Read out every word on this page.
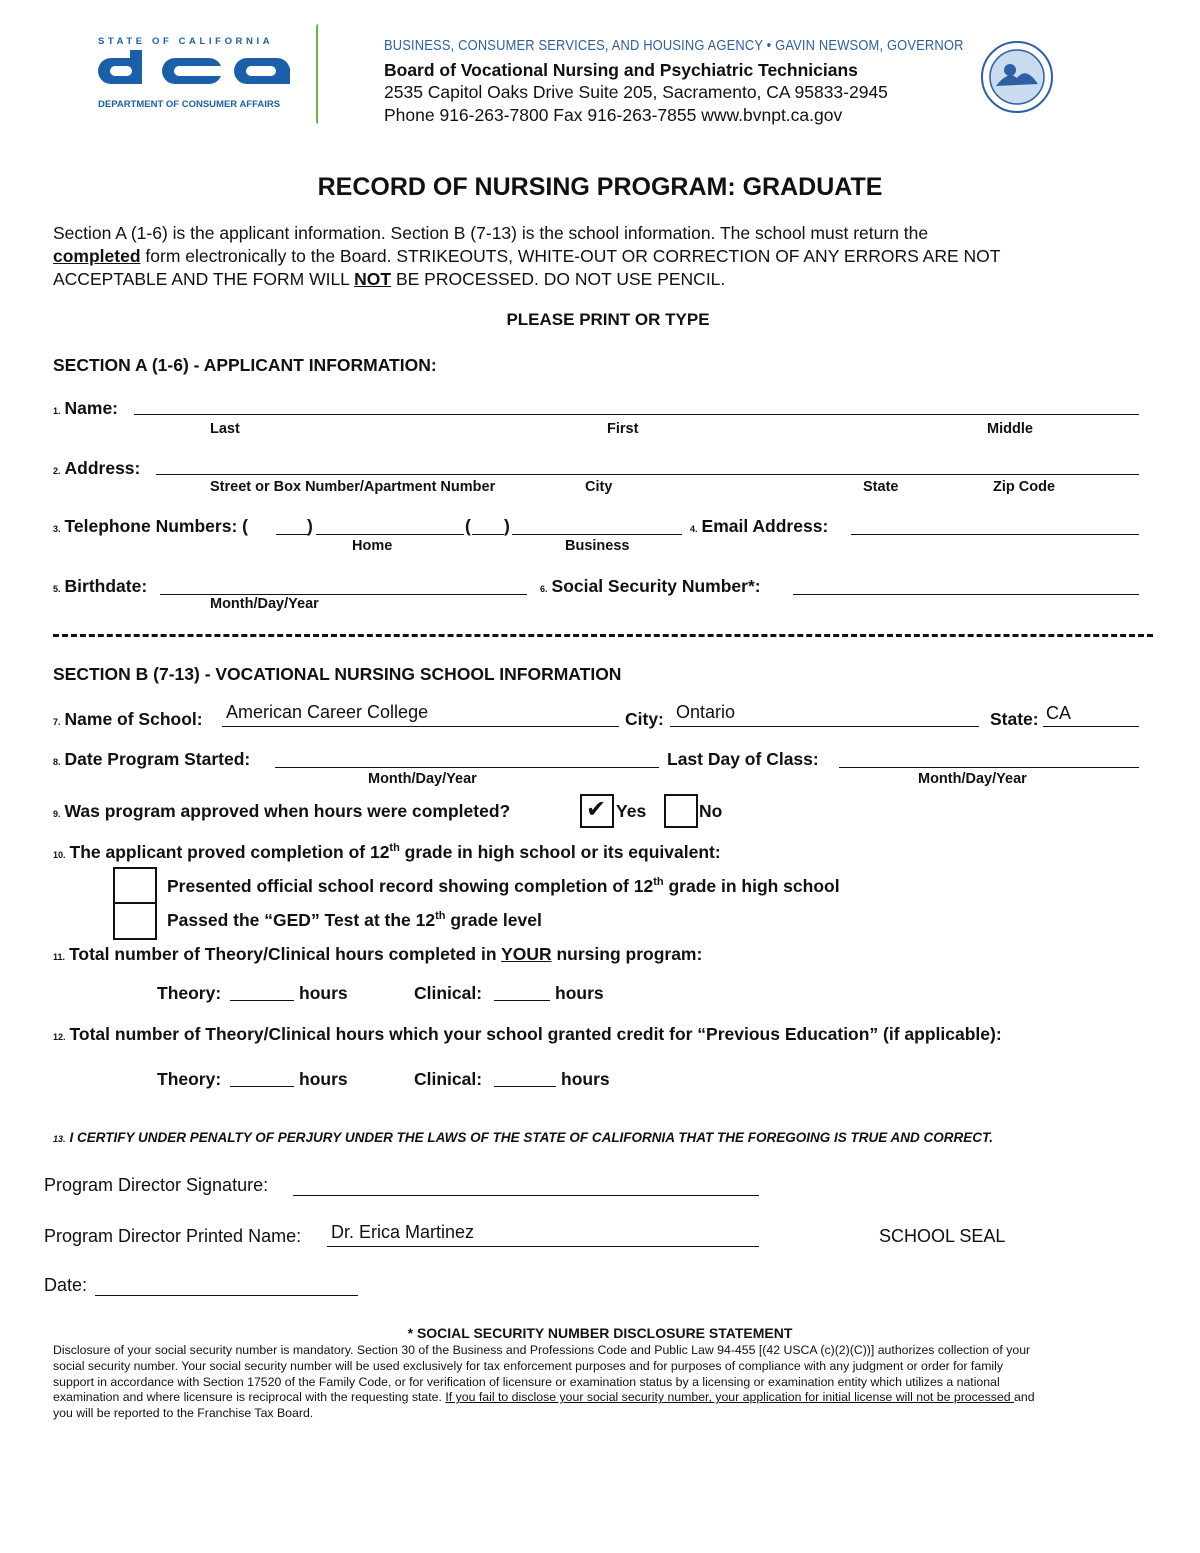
STATE OF CALIFORNIA
DEPARTMENT OF CONSUMER AFFAIRS
BUSINESS, CONSUMER SERVICES, AND HOUSING AGENCY • GAVIN NEWSOM, GOVERNOR
Board of Vocational Nursing and Psychiatric Technicians
2535 Capitol Oaks Drive Suite 205, Sacramento, CA 95833-2945
Phone 916-263-7800 Fax 916-263-7855 www.bvnpt.ca.gov
RECORD OF NURSING PROGRAM: GRADUATE
Section A (1-6) is the applicant information. Section B (7-13) is the school information. The school must return the
completed form electronically to the Board. STRIKEOUTS, WHITE-OUT OR CORRECTION OF ANY ERRORS ARE NOT
ACCEPTABLE AND THE FORM WILL NOT BE PROCESSED. DO NOT USE PENCIL.
PLEASE PRINT OR TYPE
SECTION A (1-6) - APPLICANT INFORMATION:
1. Name:
Last	First	Middle
2. Address:
Street or Box Number/Apartment Number	City	State	Zip Code
3. Telephone Numbers: (	)	( )
Home	Business
4. Email Address:
5. Birthdate:
Month/Day/Year
6. Social Security Number*:
SECTION B (7-13) - VOCATIONAL NURSING SCHOOL INFORMATION
7. Name of School: American Career College	City: Ontario	State: CA
8. Date Program Started:
Month/Day/Year
Last Day of Class:
Month/Day/Year
9. Was program approved when hours were completed?	✔ Yes	No
10. The applicant proved completion of 12th grade in high school or its equivalent:
Presented official school record showing completion of 12th grade in high school
Passed the “GED” Test at the 12th grade level
11. Total number of Theory/Clinical hours completed in YOUR nursing program:
Theory:	hours	Clinical:	hours
12. Total number of Theory/Clinical hours which your school granted credit for “Previous Education” (if applicable):
Theory:	hours	Clinical:	hours
13. I CERTIFY UNDER PENALTY OF PERJURY UNDER THE LAWS OF THE STATE OF CALIFORNIA THAT THE FOREGOING IS TRUE AND CORRECT.
Program Director Signature:
Program Director Printed Name: Dr. Erica Martinez	SCHOOL SEAL
Date:
* SOCIAL SECURITY NUMBER DISCLOSURE STATEMENT
Disclosure of your social security number is mandatory. Section 30 of the Business and Professions Code and Public Law 94-455 [(42 USCA (c)(2)(C))] authorizes collection of your
social security number. Your social security number will be used exclusively for tax enforcement purposes and for purposes of compliance with any judgment or order for family
support in accordance with Section 17520 of the Family Code, or for verification of licensure or examination status by a licensing or examination entity which utilizes a national
examination and where licensure is reciprocal with the requesting state. If you fail to disclose your social security number, your application for initial license will not be processed and
you will be reported to the Franchise Tax Board.
